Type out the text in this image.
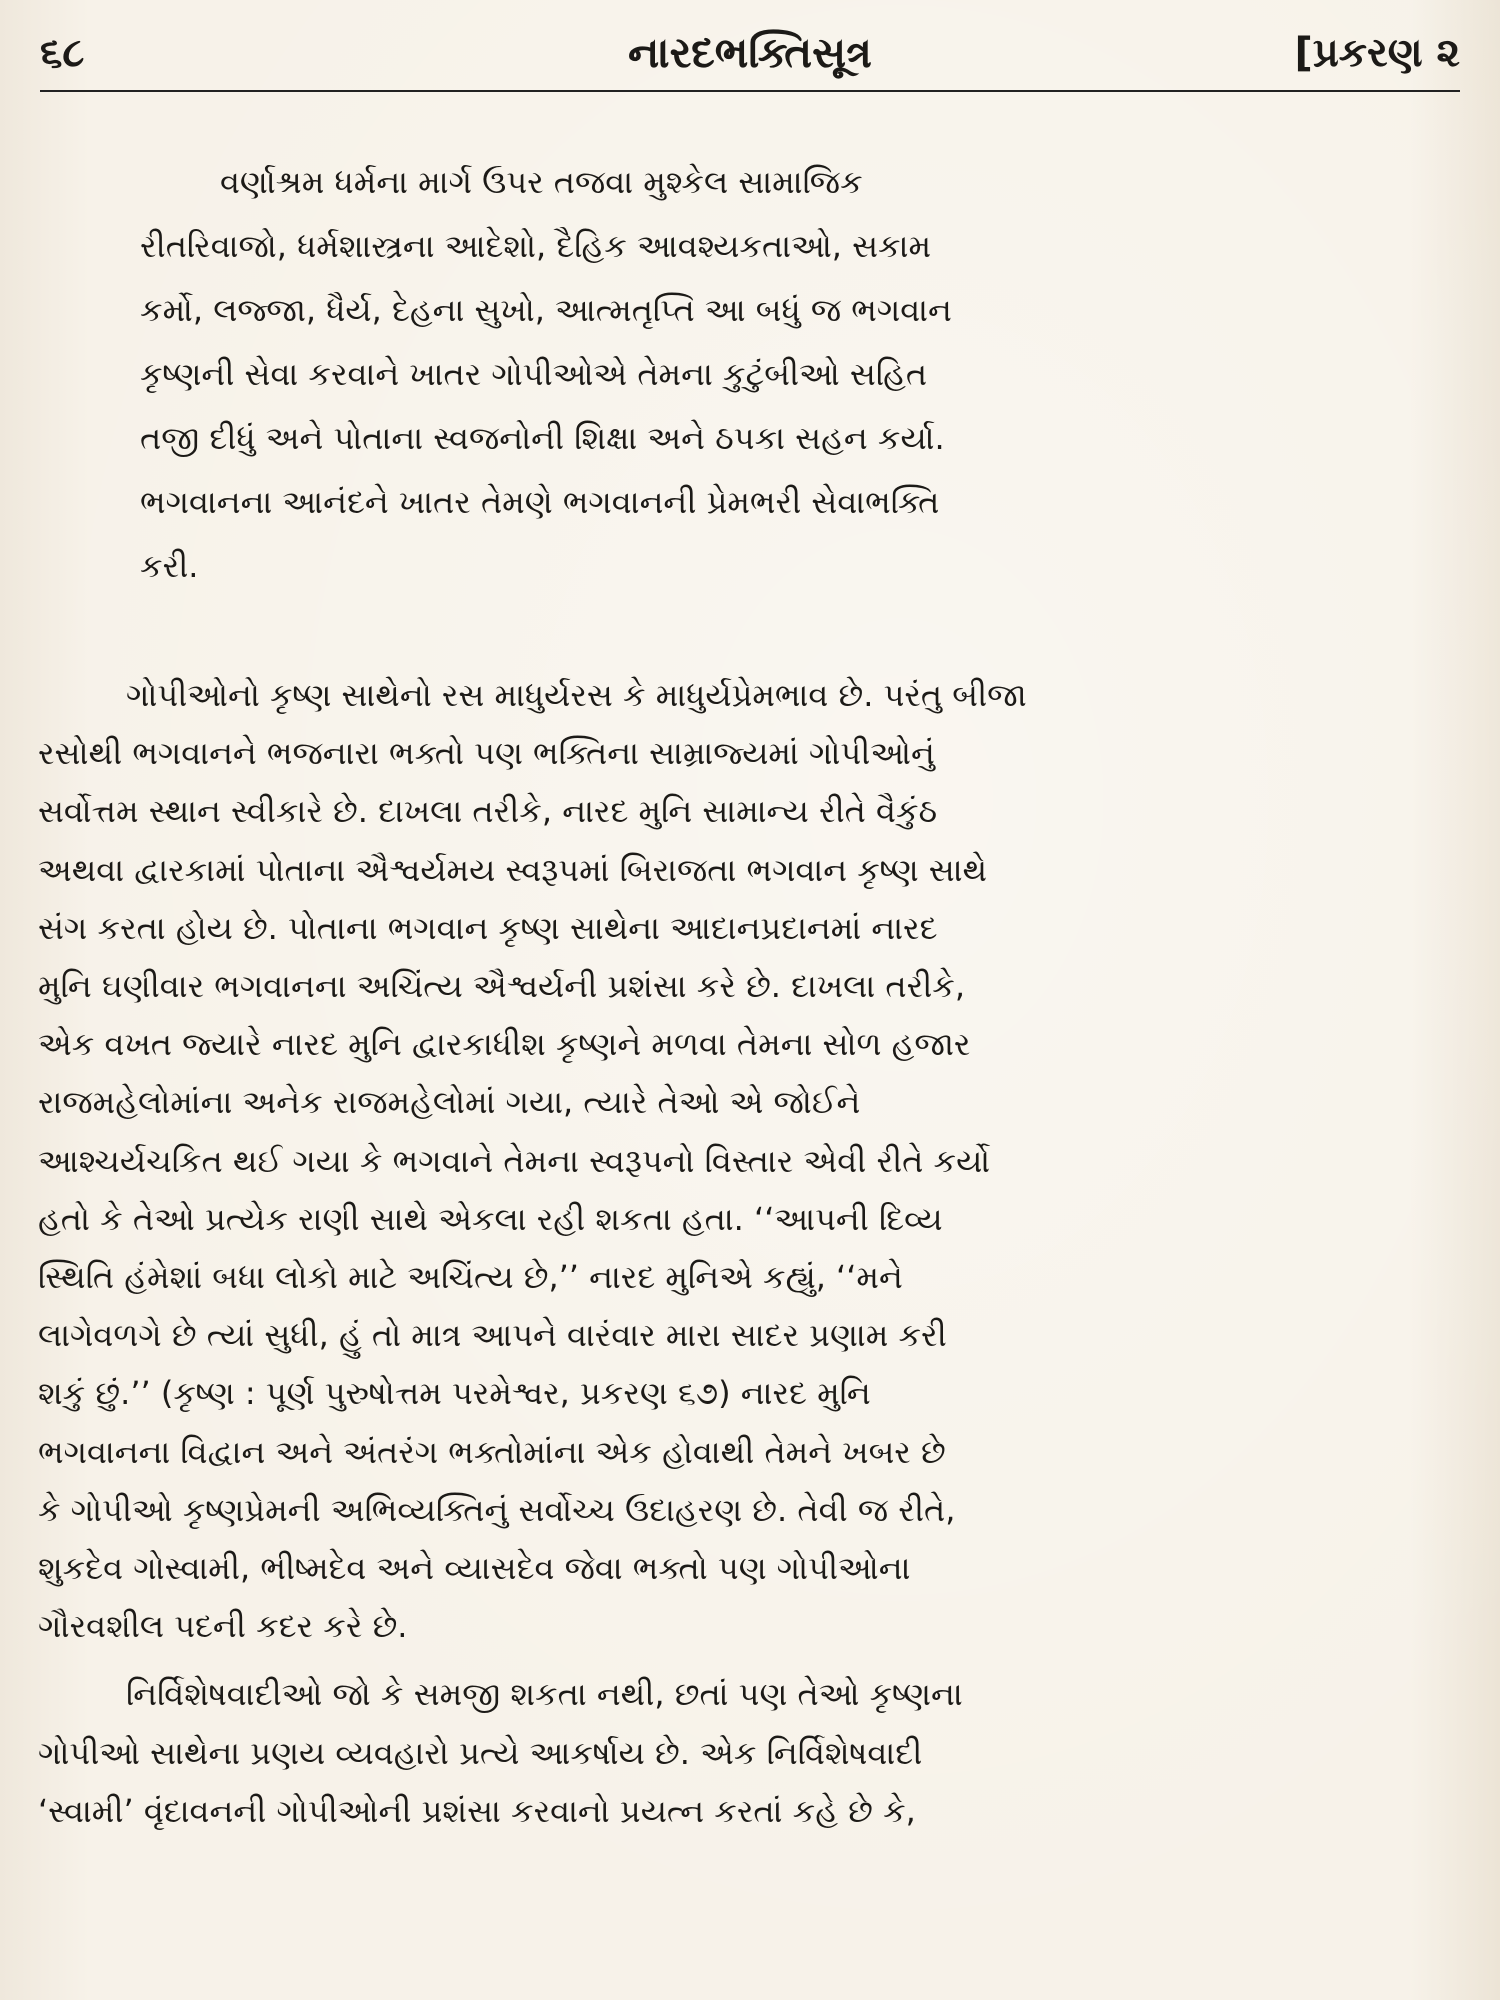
૬૮	નારદભક્તિસૂત્ર	[પ્રકરણ ૨
વર્ણાશ્રમ ધર્મના માર્ગ ઉપર તજવા મુશ્કેલ સામાજિક
રીતરિવાજો, ધર્મશાસ્ત્રના આદેશો, દૈહિક આવશ્યકતાઓ, સકામ
કર્મો, લજ્જા, ધૈર્ય, દેહના સુખો, આત્મતૃપ્તિ આ બધું જ ભગવાન
કૃષ્ણની સેવા કરવાને ખાતર ગોપીઓએ તેમના કુટુંબીઓ સહિત
તજી દીધું અને પોતાના સ્વજનોની શિક્ષા અને ઠપકા સહન કર્યા.
ભગવાનના આનંદને ખાતર તેમણે ભગવાનની પ્રેમભરી સેવાભક્તિ
કરી.
ગોપીઓનો કૃષ્ણ સાથેનો રસ માધુર્યરસ કે માધુર્યપ્રેમભાવ છે. પરંતુ બીજા
રસોથી ભગવાનને ભજનારા ભક્તો પણ ભક્તિના સામ્રાજ્યમાં ગોપીઓનું
સર્વોત્તમ સ્થાન સ્વીકારે છે. દાખલા તરીકે, નારદ મુનિ સામાન્ય રીતે વૈકુંઠ
અથવા દ્વારકામાં પોતાના ઐશ્વર્યમય સ્વરૂપમાં બિરાજતા ભગવાન કૃષ્ણ સાથે
સંગ કરતા હોય છે. પોતાના ભગવાન કૃષ્ણ સાથેના આદાનપ્રદાનમાં નારદ
મુનિ ઘણીવાર ભગવાનના અચિંત્ય ઐશ્વર્યની પ્રશંસા કરે છે. દાખલા તરીકે,
એક વખત જ્યારે નારદ મુનિ દ્વારકાધીશ કૃષ્ણને મળવા તેમના સોળ હજાર
રાજમહેલોમાંના અનેક રાજમહેલોમાં ગયા, ત્યારે તેઓ એ જોઈને
આશ્ચર્યચકિત થઈ ગયા કે ભગવાને તેમના સ્વરૂપનો વિસ્તાર એવી રીતે કર્યો
હતો કે તેઓ પ્રત્યેક રાણી સાથે એકલા રહી શકતા હતા. ‘‘આપની દિવ્ય
સ્થિતિ હંમેશાં બધા લોકો માટે અચિંત્ય છે,’’ નારદ મુનિએ કહ્યું, ‘‘મને
લાગેવળગે છે ત્યાં સુધી, હું તો માત્ર આપને વારંવાર મારા સાદર પ્રણામ કરી
શકું છું.’’ (કૃષ્ણ : પૂર્ણ પુરુષોત્તમ પરમેશ્વર, પ્રકરણ ૬૭) નારદ મુનિ
ભગવાનના વિદ્વાન અને અંતરંગ ભક્તોમાંના એક હોવાથી તેમને ખબર છે
કે ગોપીઓ કૃષ્ણપ્રેમની અભિવ્યક્તિનું સર્વોચ્ચ ઉદાહરણ છે. તેવી જ રીતે,
શુકદેવ ગોસ્વામી, ભીષ્મદેવ અને વ્યાસદેવ જેવા ભક્તો પણ ગોપીઓના
ગૌરવશીલ પદની કદર કરે છે.
નિર્વિશેષવાદીઓ જો કે સમજી શકતા નથી, છતાં પણ તેઓ કૃષ્ણના
ગોપીઓ સાથેના પ્રણય વ્યવહારો પ્રત્યે આકર્ષાય છે. એક નિર્વિશેષવાદી
‘સ્વામી’ વૃંદાવનની ગોપીઓની પ્રશંસા કરવાનો પ્રયત્ન કરતાં કહે છે કે,
